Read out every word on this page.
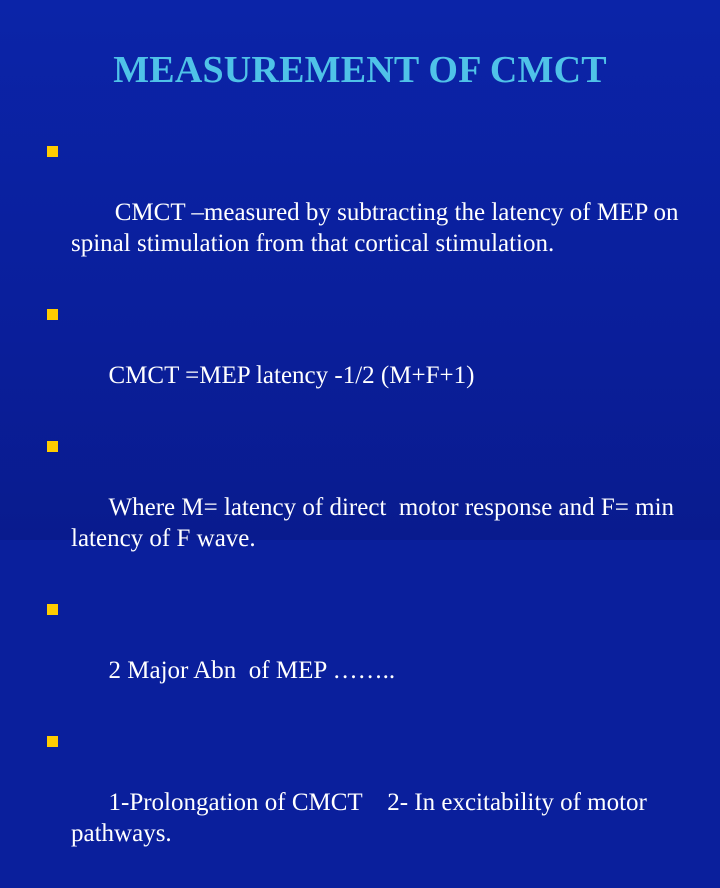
MEASUREMENT OF CMCT

CMCT –measured by subtracting the latency of MEP on spinal stimulation from that cortical stimulation.

CMCT =MEP latency -1/2 (M+F+1)

Where M= latency of direct  motor response and F= min latency of F wave.

2 Major Abn  of MEP ……..

1-Prolongation of CMCT    2- In excitability of motor pathways.
